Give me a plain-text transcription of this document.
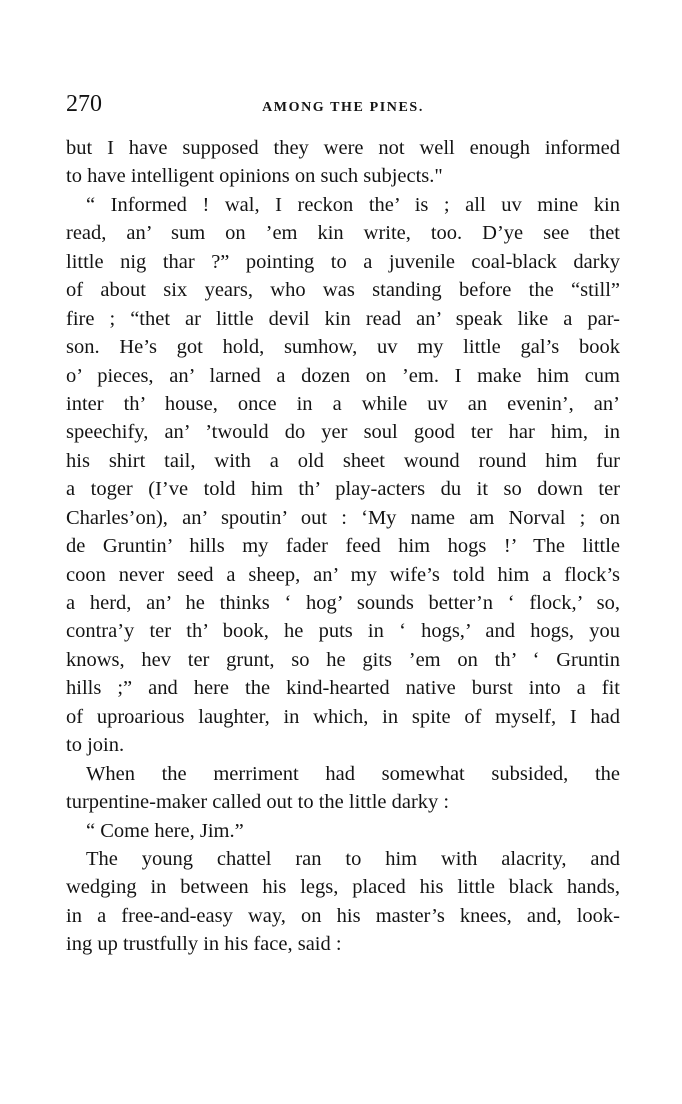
270	AMONG THE PINES.
but I have supposed they were not well enough informed
to have intelligent opinions on such subjects."
“ Informed ! wal, I reckon the’ is ; all uv mine kin
read, an’ sum on ’em kin write, too. D’ye see thet
little nig thar ?” pointing to a juvenile coal-black darky
of about six years, who was standing before the “still”
fire ; “thet ar little devil kin read an’ speak like a par-
son. He’s got hold, sumhow, uv my little gal’s book
o’ pieces, an’ larned a dozen on ’em. I make him cum
inter th’ house, once in a while uv an evenin’, an’
speechify, an’ ’twould do yer soul good ter har him, in
his shirt tail, with a old sheet wound round him fur
a toger (I’ve told him th’ play-acters du it so down ter
Charles’on), an’ spoutin’ out : ‘My name am Norval ; on
de Gruntin’ hills my fader feed him hogs !’ The little
coon never seed a sheep, an’ my wife’s told him a flock’s
a herd, an’ he thinks ‘ hog’ sounds better’n ‘ flock,’ so,
contra’y ter th’ book, he puts in ‘ hogs,’ and hogs, you
knows, hev ter grunt, so he gits ’em on th’ ‘ Gruntin
hills ;” and here the kind-hearted native burst into a fit
of uproarious laughter, in which, in spite of myself, I had
to join.
When the merriment had somewhat subsided, the
turpentine-maker called out to the little darky :
“ Come here, Jim.”
The young chattel ran to him with alacrity, and
wedging in between his legs, placed his little black hands,
in a free-and-easy way, on his master’s knees, and, look-
ing up trustfully in his face, said :
